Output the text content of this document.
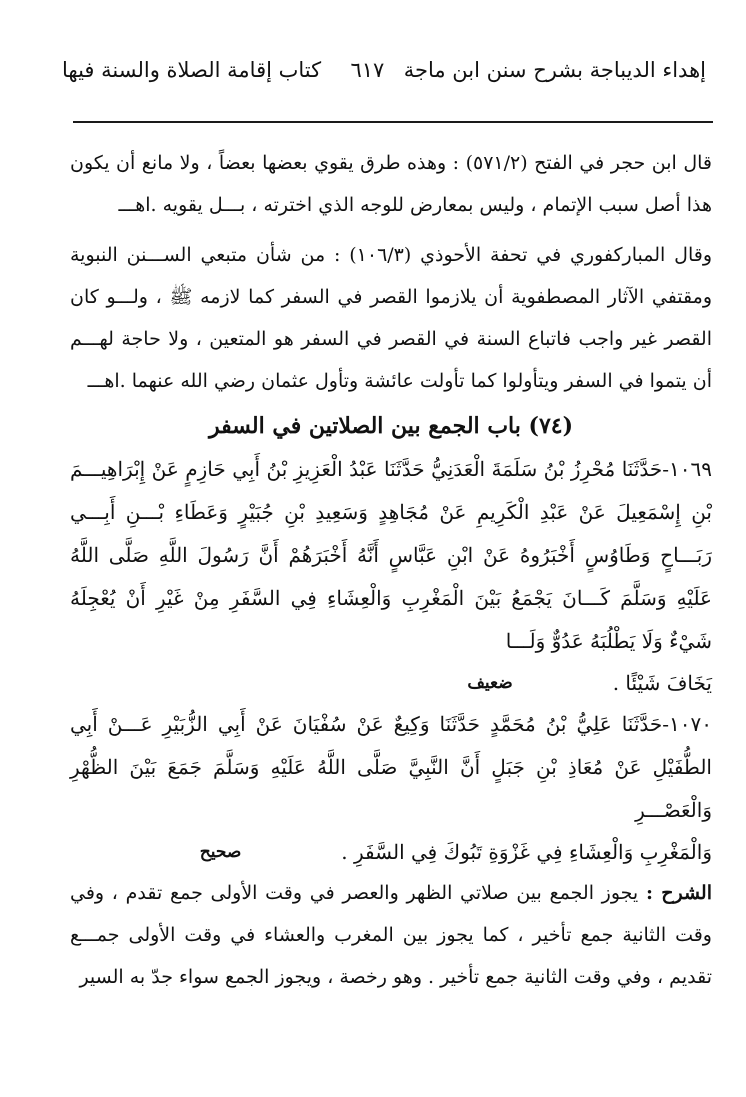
إهداء الديباجة بشرح سنن ابن ماجة
٦١٧
كتاب إقامة الصلاة والسنة فيها

قال ابن حجر في الفتح (٥٧١/٢) : وهذه طرق يقوي بعضها بعضاً ، ولا مانع أن يكون هذا أصل سبب الإتمام ، وليس بمعارض للوجه الذي اخترته ، بـــل يقويه .اهـــ

وقال المباركفوري في تحفة الأحوذي (١٠٦/٣) : من شأن متبعي الســـنن النبوية ومقتفي الآثار المصطفوية أن يلازموا القصر في السفر كما لازمه ﷺ ، ولـــو كان القصر غير واجب فاتباع السنة في القصر في السفر هو المتعين ، ولا حاجة لهـــم أن يتموا في السفر ويتأولوا كما تأولت عائشة وتأول عثمان رضي الله عنهما .اهـــ

(٧٤) باب الجمع بين الصلاتين في السفر

١٠٦٩-حَدَّثَنَا مُحْرِزُ بْنُ سَلَمَةَ الْعَدَنِيُّ حَدَّثَنَا عَبْدُ الْعَزِيزِ بْنُ أَبِي حَازِمٍ عَنْ إِبْرَاهِيـــمَ بْنِ إِسْمَعِيلَ عَنْ عَبْدِ الْكَرِيمِ عَنْ مُجَاهِدٍ وَسَعِيدِ بْنِ جُبَيْرٍ وَعَطَاءِ بْـــنِ أَبِـــي رَبَـــاحٍ وَطَاوُسٍ أَخْبَرُوهُ عَنْ ابْنِ عَبَّاسٍ أَنَّهُ أَخْبَرَهُمْ أَنَّ رَسُولَ اللَّهِ صَلَّى اللَّهُ عَلَيْهِ وَسَلَّمَ كَـــانَ يَجْمَعُ بَيْنَ الْمَغْرِبِ وَالْعِشَاءِ فِي السَّفَرِ مِنْ غَيْرِ أَنْ يُعْجِلَهُ شَيْءٌ وَلَا يَطْلُبَهُ عَدُوٌّ وَلَـــا

يَخَافَ شَيْئًا .
ضعيف

١٠٧٠-حَدَّثَنَا عَلِيُّ بْنُ مُحَمَّدٍ حَدَّثَنَا وَكِيعٌ عَنْ سُفْيَانَ عَنْ أَبِي الزُّبَيْرِ عَـــنْ أَبِي الطُّفَيْلِ عَنْ مُعَاذِ بْنِ جَبَلٍ أَنَّ النَّبِيَّ صَلَّى اللَّهُ عَلَيْهِ وَسَلَّمَ جَمَعَ بَيْنَ الظُّهْرِ وَالْعَصْـــرِ

وَالْمَغْرِبِ وَالْعِشَاءِ فِي غَزْوَةِ تَبُوكَ فِي السَّفَرِ .
صحيح

الشرح : يجوز الجمع بين صلاتي الظهر والعصر في وقت الأولى جمع تقدم ، وفي وقت الثانية جمع تأخير ، كما يجوز بين المغرب والعشاء في وقت الأولى جمـــع تقديم ، وفي وقت الثانية جمع تأخير . وهو رخصة ، ويجوز الجمع سواء جدّ به السير
